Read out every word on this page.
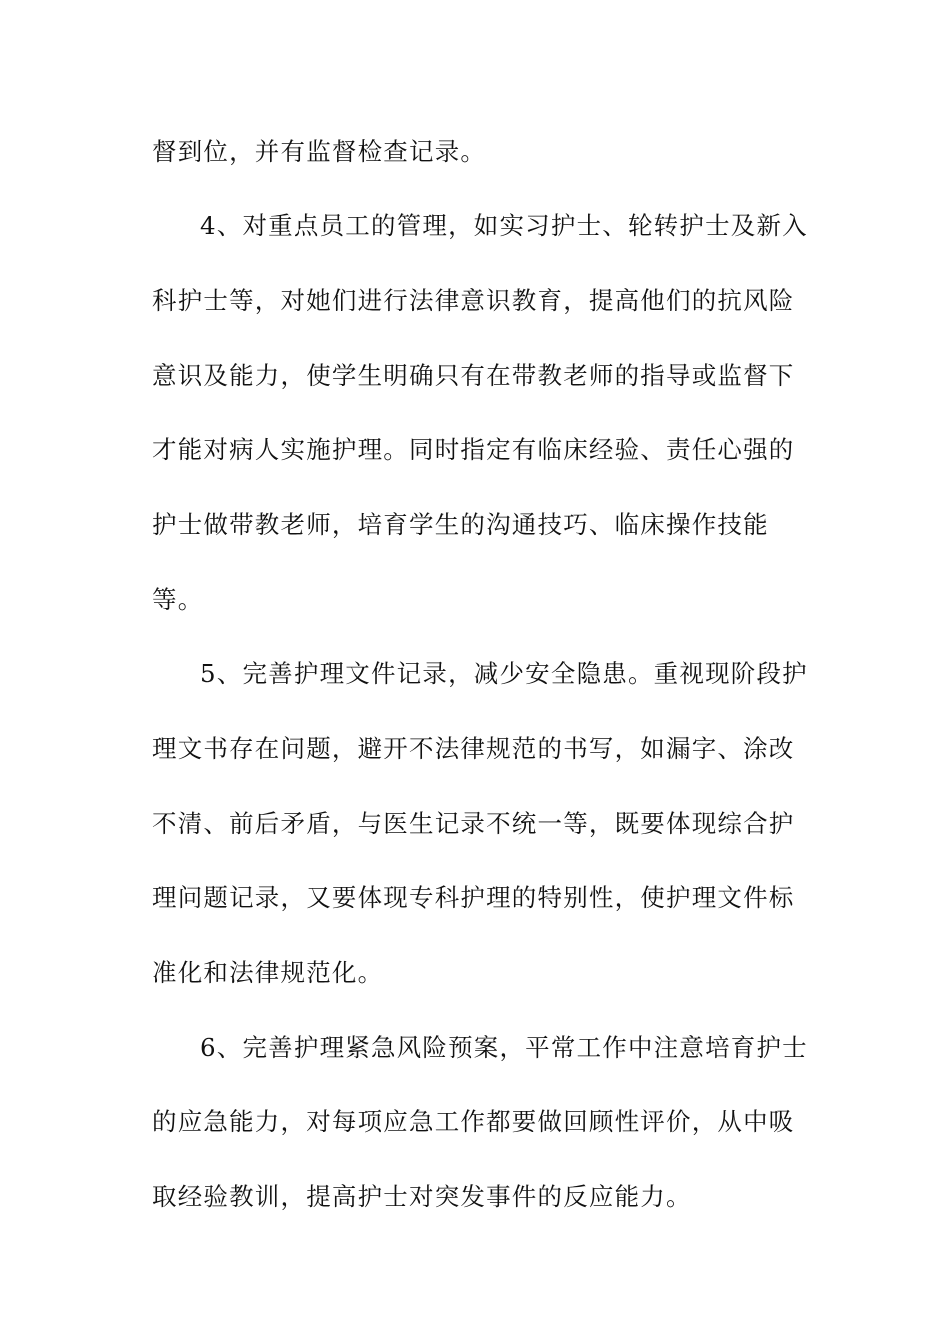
督到位，并有监督检查记录。
4、对重点员工的管理，如实习护士、轮转护士及新入
科护士等，对她们进行法律意识教育，提高他们的抗风险
意识及能力，使学生明确只有在带教老师的指导或监督下
才能对病人实施护理。同时指定有临床经验、责任心强的
护士做带教老师，培育学生的沟通技巧、临床操作技能
等。
5、完善护理文件记录，减少安全隐患。重视现阶段护
理文书存在问题，避开不法律规范的书写，如漏字、涂改
不清、前后矛盾，与医生记录不统一等，既要体现综合护
理问题记录，又要体现专科护理的特别性，使护理文件标
准化和法律规范化。
6、完善护理紧急风险预案，平常工作中注意培育护士
的应急能力，对每项应急工作都要做回顾性评价，从中吸
取经验教训，提高护士对突发事件的反应能力。
